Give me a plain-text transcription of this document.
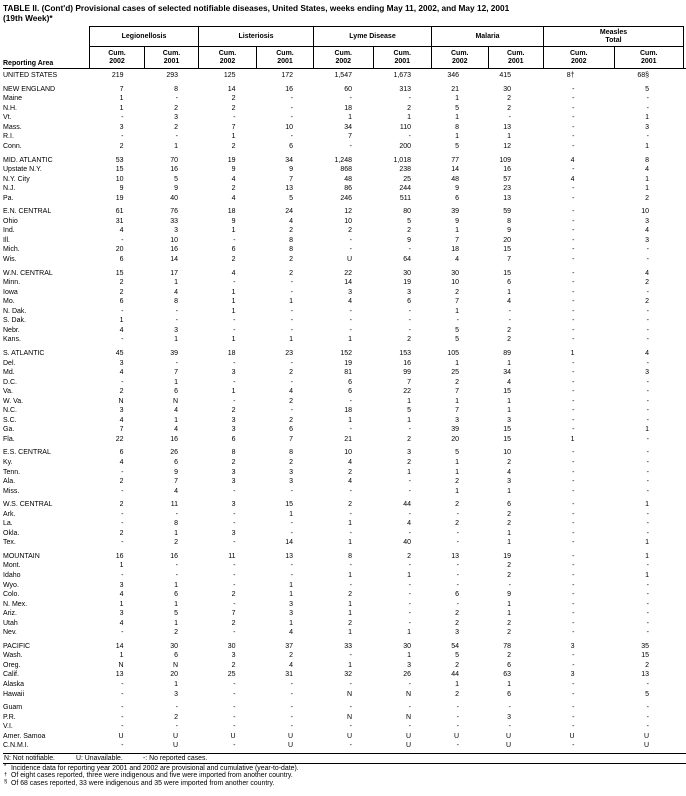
TABLE II. (Cont'd) Provisional cases of selected notifiable diseases, United States, weeks ending May 11, 2002, and May 12, 2001
(19th Week)*
Reporting Area
Legionellosis
Cum.
2002
Cum.
2001
Listeriosis
Cum.
2002
Cum.
2001
Lyme Disease
Cum.
2002
Cum.
2001
Malaria
Cum.
2002
Cum.
2001
Measles
Total
Cum.
2002
Cum.
2001
UNITED STATES	219	293	125	172	1,547	1,673	346	415	8†	68§
NEW ENGLAND	7	8	14	16	60	313	21	30	-	5
Maine	1	-	2	-	-	-	1	2	-	-
N.H.	1	2	2	-	18	2	5	2	-	-
Vt.	-	3	-	-	1	1	1	-	-	1
Mass.	3	2	7	10	34	110	8	13	-	3
R.I.	-	-	1	-	7	-	1	1	-	-
Conn.	2	1	2	6	-	200	5	12	-	1
MID. ATLANTIC	53	70	19	34	1,248	1,018	77	109	4	8
Upstate N.Y.	15	16	9	9	868	238	14	16	-	4
N.Y. City	10	5	4	7	48	25	48	57	4	1
N.J.	9	9	2	13	86	244	9	23	-	1
Pa.	19	40	4	5	246	511	6	13	-	2
E.N. CENTRAL	61	76	18	24	12	80	39	59	-	10
Ohio	31	33	9	4	10	5	9	8	-	3
Ind.	4	3	1	2	2	2	1	9	-	4
Ill.	-	10	-	8	-	9	7	20	-	3
Mich.	20	16	6	8	-	-	18	15	-	-
Wis.	6	14	2	2	U	64	4	7	-	-
W.N. CENTRAL	15	17	4	2	22	30	30	15	-	4
Minn.	2	1	-	-	14	19	10	6	-	2
Iowa	2	4	1	-	3	3	2	1	-	-
Mo.	6	8	1	1	4	6	7	4	-	2
N. Dak.	-	-	1	-	-	-	1	-	-	-
S. Dak.	1	-	-	-	-	-	-	-	-	-
Nebr.	4	3	-	-	-	-	5	2	-	-
Kans.	-	1	1	1	1	2	5	2	-	-
S. ATLANTIC	45	39	18	23	152	153	105	89	1	4
Del.	3	-	-	-	19	16	1	1	-	-
Md.	4	7	3	2	81	99	25	34	-	3
D.C.	-	1	-	-	6	7	2	4	-	-
Va.	2	6	1	4	6	22	7	15	-	-
W. Va.	N	N	-	2	-	1	1	1	-	-
N.C.	3	4	2	-	18	5	7	1	-	-
S.C.	4	1	3	2	1	1	3	3	-	-
Ga.	7	4	3	6	-	-	39	15	-	1
Fla.	22	16	6	7	21	2	20	15	1	-
E.S. CENTRAL	6	26	8	8	10	3	5	10	-	-
Ky.	4	6	2	2	4	2	1	2	-	-
Tenn.	-	9	3	3	2	1	1	4	-	-
Ala.	2	7	3	3	4	-	2	3	-	-
Miss.	-	4	-	-	-	-	1	1	-	-
W.S. CENTRAL	2	11	3	15	2	44	2	6	-	1
Ark.	-	-	-	1	-	-	-	2	-	-
La.	-	8	-	-	1	4	2	2	-	-
Okla.	2	1	3	-	-	-	-	1	-	-
Tex.	-	2	-	14	1	40	-	1	-	1
MOUNTAIN	16	16	11	13	8	2	13	19	-	1
Mont.	1	-	-	-	-	-	-	2	-	-
Idaho	-	-	-	-	1	1	-	2	-	1
Wyo.	3	1	-	1	-	-	-	-	-	-
Colo.	4	6	2	1	2	-	6	9	-	-
N. Mex.	1	1	-	3	1	-	-	1	-	-
Ariz.	3	5	7	3	1	-	2	1	-	-
Utah	4	1	2	1	2	-	2	2	-	-
Nev.	-	2	-	4	1	1	3	2	-	-
PACIFIC	14	30	30	37	33	30	54	78	3	35
Wash.	1	6	3	2	-	1	5	2	-	15
Oreg.	N	N	2	4	1	3	2	6	-	2
Calif.	13	20	25	31	32	26	44	63	3	13
Alaska	-	1	-	-	-	-	1	1	-	-
Hawaii	-	3	-	-	N	N	2	6	-	5
Guam	-	-	-	-	-	-	-	-	-	-
P.R.	-	2	-	-	N	N	-	3	-	-
V.I.	-	-	-	-	-	-	-	-	-	-
Amer. Samoa	U	U	U	U	U	U	U	U	U	U
C.N.M.I.	-	U	-	U	-	U	-	U	-	U
N: Not notifiable.	U: Unavailable.	-: No reported cases.
* Incidence data for reporting year 2001 and 2002 are provisional and cumulative (year-to-date).
† Of eight cases reported, three were indigenous and five were imported from another country.
§ Of 68 cases reported, 33 were indigenous and 35 were imported from another country.
